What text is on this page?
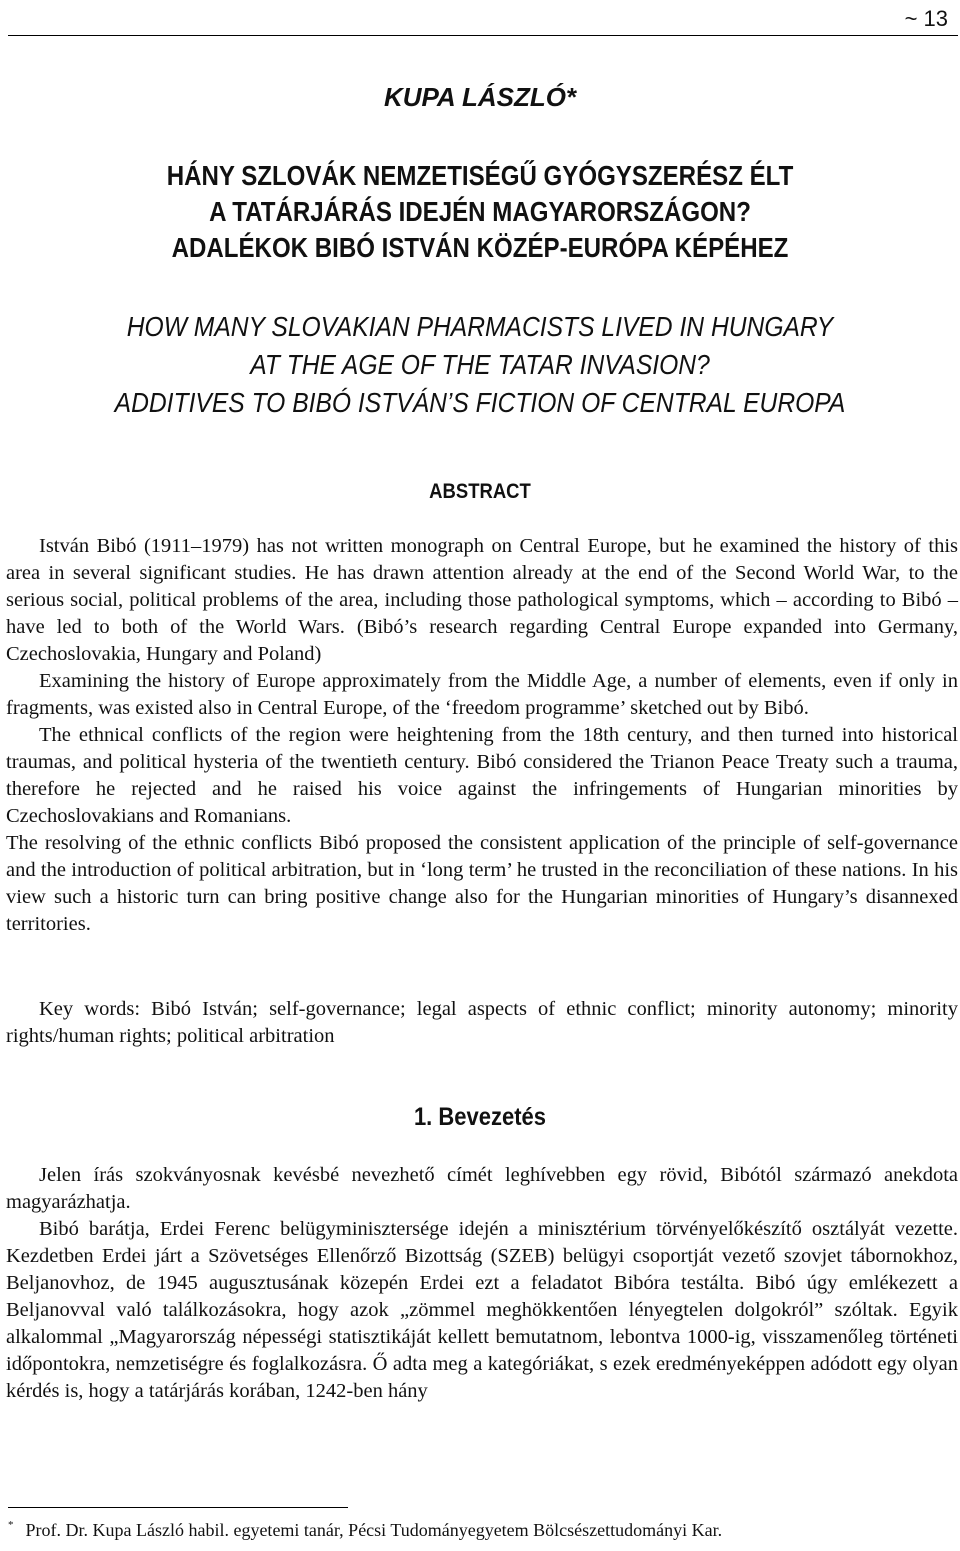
~ 13
KUPA LÁSZLÓ*
HÁNY SZLOVÁK NEMZETISÉGŰ GYÓGYSZERÉSZ ÉLT
A TATÁRJÁRÁS IDEJÉN MAGYARORSZÁGON?
ADALÉKOK BIBÓ ISTVÁN KÖZÉP-EURÓPA KÉPÉHEZ
HOW MANY SLOVAKIAN PHARMACISTS LIVED IN HUNGARY
AT THE AGE OF THE TATAR INVASION?
ADDITIVES TO BIBÓ ISTVÁN’S FICTION OF CENTRAL EUROPA
ABSTRACT

István Bibó (1911–1979) has not written monograph on Central Europe, but he examined the history of this area in several significant studies. He has drawn attention already at the end of the Second World War, to the serious social, political problems of the area, including those pathological symptoms, which – according to Bibó – have led to both of the World Wars. (Bibó’s research regarding Central Europe expanded into Germany, Czechoslovakia, Hungary and Poland)

Examining the history of Europe approximately from the Middle Age, a number of elements, even if only in fragments, was existed also in Central Europe, of the ‘freedom programme’ sketched out by Bibó.

The ethnical conflicts of the region were heightening from the 18th century, and then turned into historical traumas, and political hysteria of the twentieth century. Bibó considered the Trianon Peace Treaty such a trauma, therefore he rejected and he raised his voice against the infringements of Hungarian minorities by Czechoslovakians and Romanians.

The resolving of the ethnic conflicts Bibó proposed the consistent application of the principle of self-governance and the introduction of political arbitration, but in ‘long term’ he trusted in the reconciliation of these nations. In his view such a historic turn can bring positive change also for the Hungarian minorities of Hungary’s disannexed territories.

Key words: Bibó István; self-governance; legal aspects of ethnic conflict; minority autonomy; minority rights/human rights; political arbitration

1. Bevezetés

Jelen írás szokványosnak kevésbé nevezhető címét leghívebben egy rövid, Bibótól származó anekdota magyarázhatja.

Bibó barátja, Erdei Ferenc belügyminisztersége idején a minisztérium törvényelőkészítő osztályát vezette. Kezdetben Erdei járt a Szövetséges Ellenőrző Bizottság (SZEB) belügyi csoportját vezető szovjet tábornokhoz, Beljanovhoz, de 1945 augusztusának közepén Erdei ezt a feladatot Bibóra testálta. Bibó úgy emlékezett a Beljanovval való találkozásokra, hogy azok „zömmel meghökkentően lényegtelen dolgokról” szóltak. Egyik alkalommal „Magyarország népességi statisztikáját kellett bemutatnom, lebontva 1000-ig, visszamenőleg történeti időpontokra, nemzetiségre és foglalkozásra. Ő adta meg a kategóriákat, s ezek eredményeképpen adódott egy olyan kérdés is, hogy a tatárjárás korában, 1242-ben hány

* Prof. Dr. Kupa László habil. egyetemi tanár, Pécsi Tudományegyetem Bölcsészettudományi Kar.
